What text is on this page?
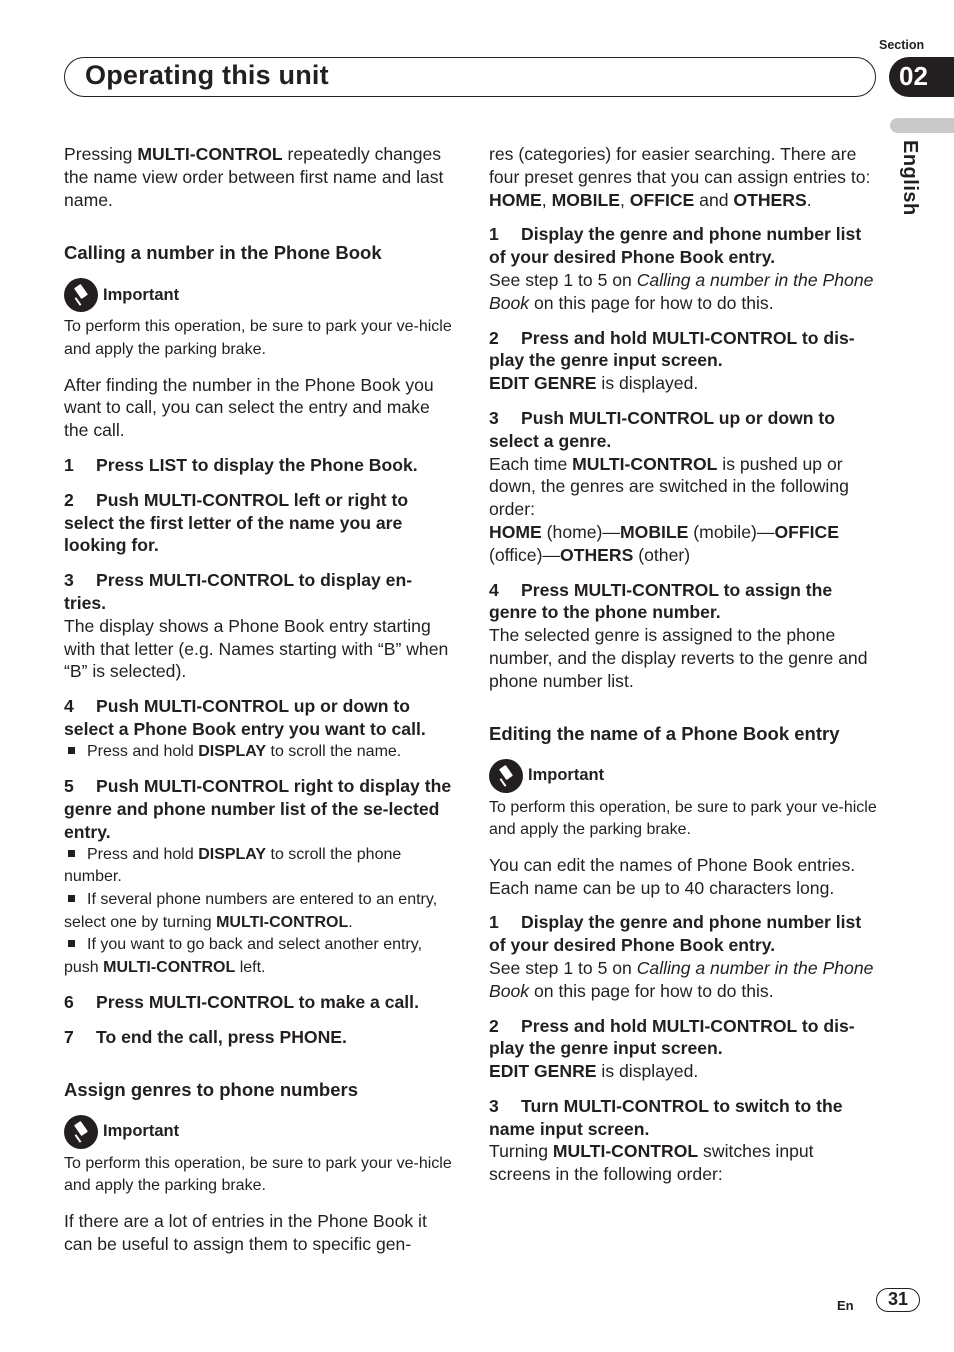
Section
Operating this unit	02
English

Pressing MULTI-CONTROL repeatedly changes the name view order between first name and last name.

Calling a number in the Phone Book
Important

To perform this operation, be sure to park your ve-hicle and apply the parking brake.

After finding the number in the Phone Book you want to call, you can select the entry and make the call.

1 Press LIST to display the Phone Book.
2 Push MULTI-CONTROL left or right to select the first letter of the name you are looking for.
3 Press MULTI-CONTROL to display en-tries.
The display shows a Phone Book entry starting with that letter (e.g. Names starting with “B” when “B” is selected).
4 Push MULTI-CONTROL up or down to select a Phone Book entry you want to call.
Press and hold DISPLAY to scroll the name.
5 Push MULTI-CONTROL right to display the genre and phone number list of the se-lected entry.
Press and hold DISPLAY to scroll the phone number.
If several phone numbers are entered to an entry, select one by turning MULTI-CONTROL.
If you want to go back and select another entry, push MULTI-CONTROL left.
6 Press MULTI-CONTROL to make a call.
7 To end the call, press PHONE.
Assign genres to phone numbers
Important

To perform this operation, be sure to park your ve-hicle and apply the parking brake.

If there are a lot of entries in the Phone Book it can be useful to assign them to specific gen-

res (categories) for easier searching. There are four preset genres that you can assign entries to: HOME, MOBILE, OFFICE and OTHERS.

1 Display the genre and phone number list of your desired Phone Book entry.
See step 1 to 5 on Calling a number in the Phone Book on this page for how to do this.
2 Press and hold MULTI-CONTROL to dis-play the genre input screen.
EDIT GENRE is displayed.
3 Push MULTI-CONTROL up or down to select a genre.
Each time MULTI-CONTROL is pushed up or down, the genres are switched in the following order:
HOME (home)—MOBILE (mobile)—OFFICE (office)—OTHERS (other)
4 Press MULTI-CONTROL to assign the genre to the phone number.
The selected genre is assigned to the phone number, and the display reverts to the genre and phone number list.
Editing the name of a Phone Book entry
Important

To perform this operation, be sure to park your ve-hicle and apply the parking brake.

You can edit the names of Phone Book entries. Each name can be up to 40 characters long.

1 Display the genre and phone number list of your desired Phone Book entry.
See step 1 to 5 on Calling a number in the Phone Book on this page for how to do this.
2 Press and hold MULTI-CONTROL to dis-play the genre input screen.
EDIT GENRE is displayed.
3 Turn MULTI-CONTROL to switch to the name input screen.
Turning MULTI-CONTROL switches input screens in the following order:
En	31
